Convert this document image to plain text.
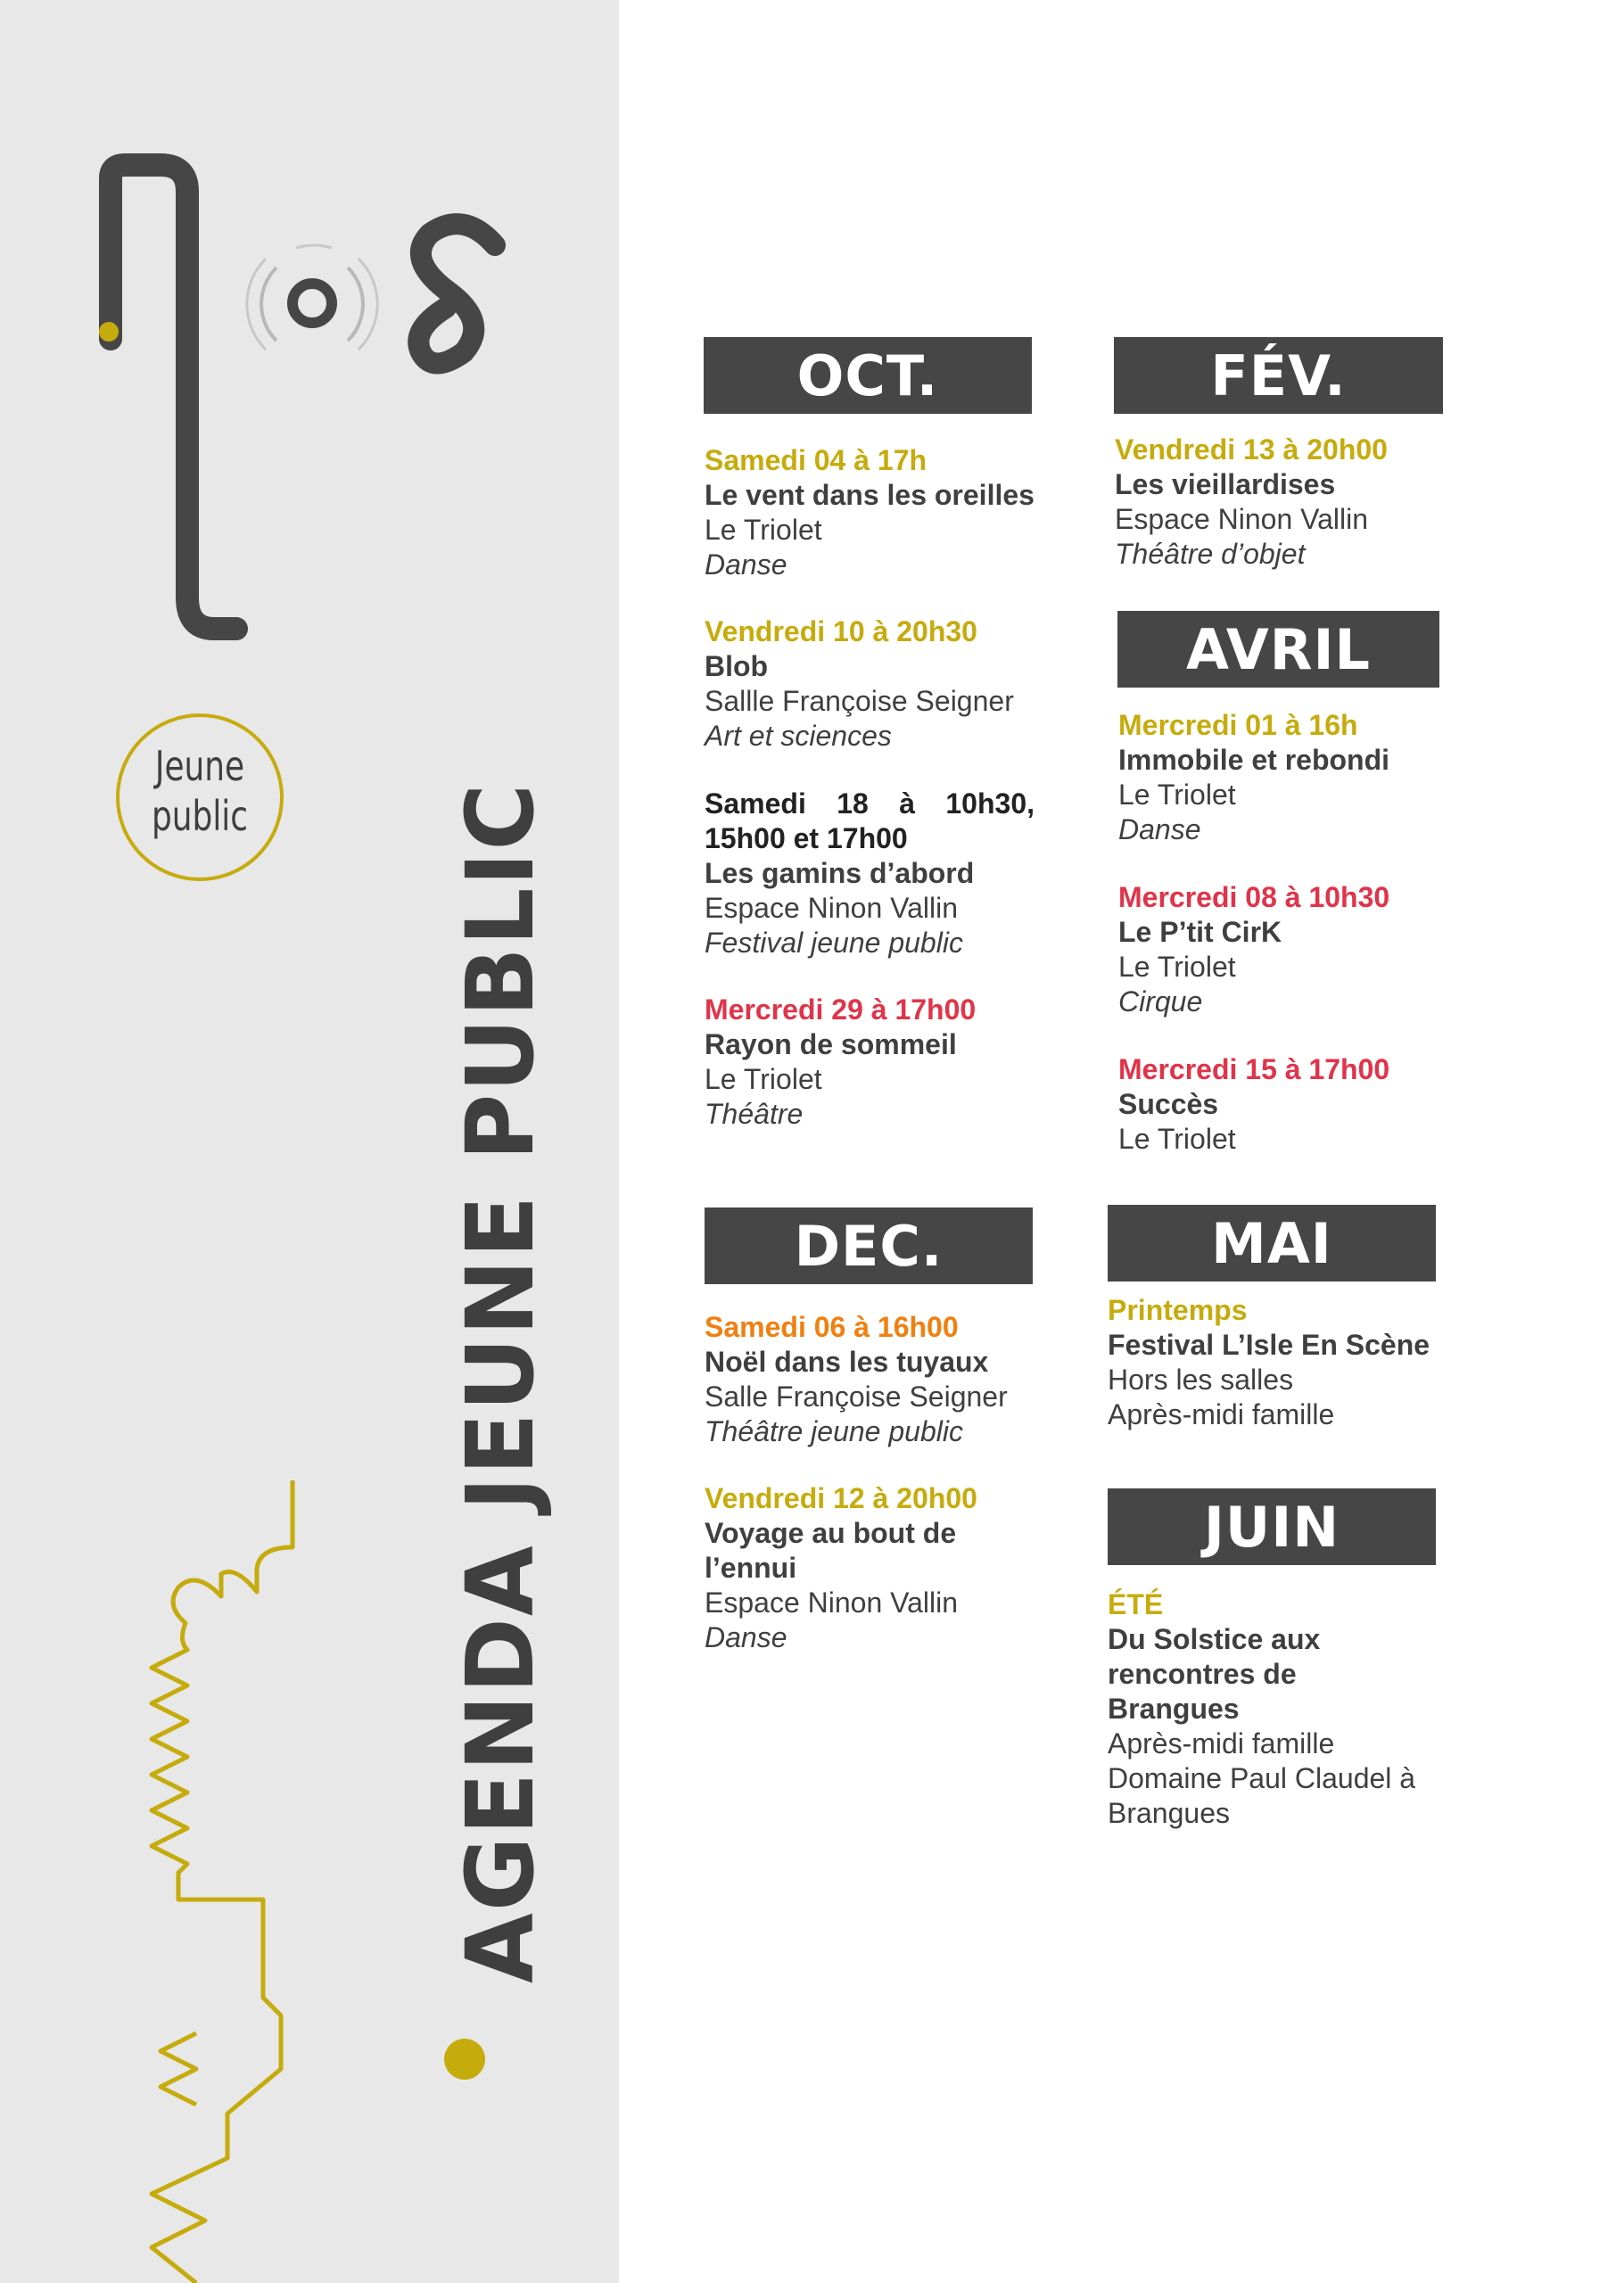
Jeune
public AGENDA JEUNE PUBLIC
OCT.
Samedi 04 à 17h
Le vent dans les oreilles
Le Triolet
Danse
Vendredi 10 à 20h30
Blob
Sallle Françoise Seigner
Art et sciences
Samedi 18 à 10h30, 15h00 et 17h00
Les gamins d’abord
Espace Ninon Vallin
Festival jeune public
Mercredi 29 à 17h00
Rayon de sommeil
Le Triolet
Théâtre
DEC.
Samedi 06 à 16h00
Noël dans les tuyaux
Salle Françoise Seigner
Théâtre jeune public
Vendredi 12 à 20h00
Voyage au bout de l’ennui
Espace Ninon Vallin
Danse
FÉV.
Vendredi 13 à 20h00
Les vieillardises
Espace Ninon Vallin
Théâtre d’objet
AVRIL
Mercredi 01 à 16h
Immobile et rebondi
Le Triolet
Danse
Mercredi 08 à 10h30
Le P’tit CirK
Le Triolet
Cirque
Mercredi 15 à 17h00
Succès
Le Triolet
MAI
Printemps
Festival L’Isle En Scène
Hors les salles
Après-midi famille
JUIN
ÉTÉ
Du Solstice aux rencontres de Brangues
Après-midi famille
Domaine Paul Claudel à Brangues
